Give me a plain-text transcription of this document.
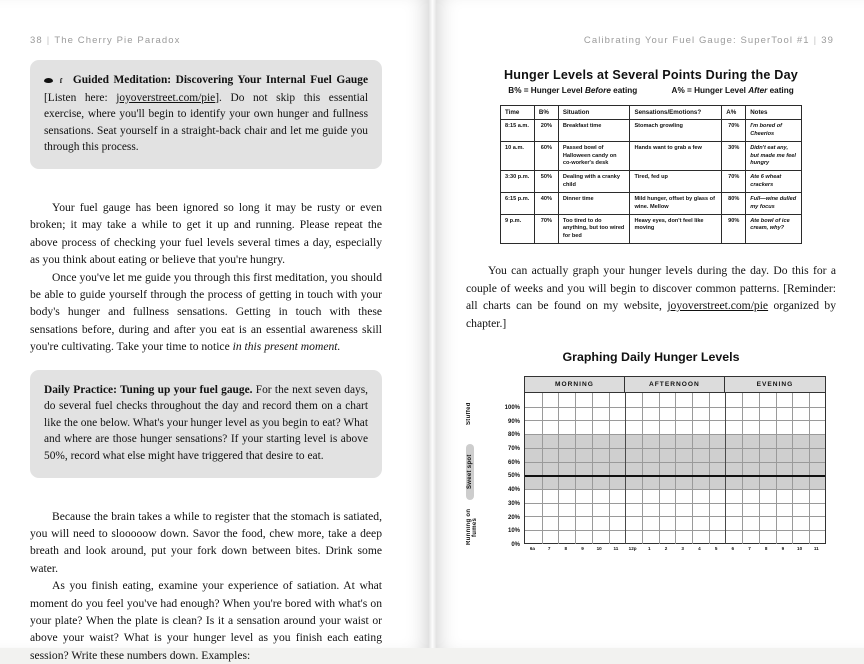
38 | The Cherry Pie Paradox

ɾ Guided Meditation: Discovering Your Internal Fuel Gauge [Listen here: joyoverstreet.com/pie]. Do not skip this essential exercise, where you'll begin to identify your own hunger and fullness sensations. Seat yourself in a straight-back chair and let me guide you through this process.

Your fuel gauge has been ignored so long it may be rusty or even broken; it may take a while to get it up and running. Please repeat the above process of checking your fuel levels several times a day, especially as you think about eating or believe that you're hungry.

Once you've let me guide you through this first meditation, you should be able to guide yourself through the process of getting in touch with your body's hunger and fullness sensations. Getting in touch with these sensations before, during and after you eat is an essential awareness skill you're cultivating. Take your time to notice in this present moment.

Daily Practice: Tuning up your fuel gauge. For the next seven days, do several fuel checks throughout the day and record them on a chart like the one below. What's your hunger level as you begin to eat? What and where are those hunger sensations? If your starting level is above 50%, record what else might have triggered that desire to eat.

Because the brain takes a while to register that the stomach is satiated, you will need to slooooow down. Savor the food, chew more, take a deep breath and look around, put your fork down between bites. Drink some water.

As you finish eating, examine your experience of satiation. At what moment do you feel you've had enough? When you're bored with what's on your plate? When the plate is clean? Is it a sensation around your waist or above your waist? What is your hunger level as you finish each eating session? Write these numbers down. Examples:

Calibrating Your Fuel Gauge: SuperTool #1 | 39
Hunger Levels at Several Points During the Day
B% = Hunger Level Before eating	A% = Hunger Level After eating
Time	B%	Situation	Sensations/Emotions?	A%	Notes
8:15 a.m.	20%	Breakfast time	Stomach growling	70%	I'm bored of Cheerios
10 a.m.	60%	Passed bowl of Halloween candy on co-worker's desk	Hands want to grab a few	30%	Didn't eat any, but made me feel hungry
3:30 p.m.	50%	Dealing with a cranky child	Tired, fed up	70%	Ate 6 wheat crackers
6:15 p.m.	40%	Dinner time	Mild hunger, offset by glass of wine. Mellow	80%	Full—wine dulled my focus
9 p.m.	70%	Too tired to do anything, but too wired for bed	Heavy eyes, don't feel like moving	90%	Ate bowl of ice cream, why?

You can actually graph your hunger levels during the day. Do this for a couple of weeks and you will begin to discover common patterns. [Reminder: all charts can be found on my website, joyoverstreet.com/pie organized by chapter.]

Graphing Daily Hunger Levels
100%
90%
80%
70%
60%
50%
40%
30%
20%
10%
0%
Stuffed
Sweet spot
Running on fumes
MORNING	AFTERNOON	EVENING
6a	7	8	9	10	11 12p 1	2	3	4	5	6	7	8	9	10	11
